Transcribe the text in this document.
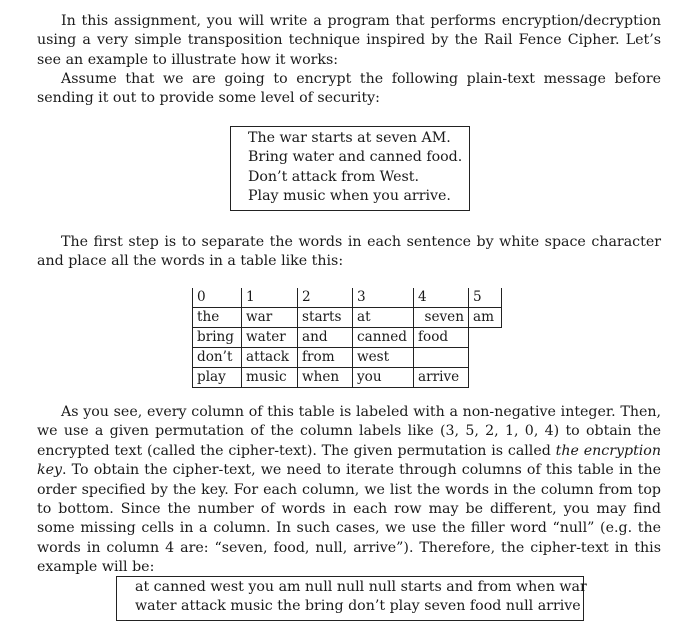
In this assignment, you will write a program that performs encryption/decryption using a very simple transposition technique inspired by the Rail Fence Cipher. Let’s see an example to illustrate how it works:

Assume that we are going to encrypt the following plain-text message before sending it out to provide some level of security:

The war starts at seven AM.
Bring water and canned food.
Don’t attack from West.
Play music when you arrive.

The first step is to separate the words in each sentence by white space character and place all the words in a table like this:

0	1	2	3	4	5
the	war	starts	at	seven	am
bring	water	and	canned	food	
don’t	attack	from	west		
play	music	when	you	arrive	

As you see, every column of this table is labeled with a non-negative integer. Then, we use a given permutation of the column labels like (3, 5, 2, 1, 0, 4) to obtain the encrypted text (called the cipher-text). The given permutation is called the encryption key. To obtain the cipher-text, we need to iterate through columns of this table in the order specified by the key. For each column, we list the words in the column from top to bottom. Since the number of words in each row may be different, you may find some missing cells in a column. In such cases, we use the filler word “null” (e.g. the words in column 4 are: “seven, food, null, arrive”). Therefore, the cipher-text in this example will be:

at canned west you am null null null starts and from when war
water attack music the bring don’t play seven food null arrive
